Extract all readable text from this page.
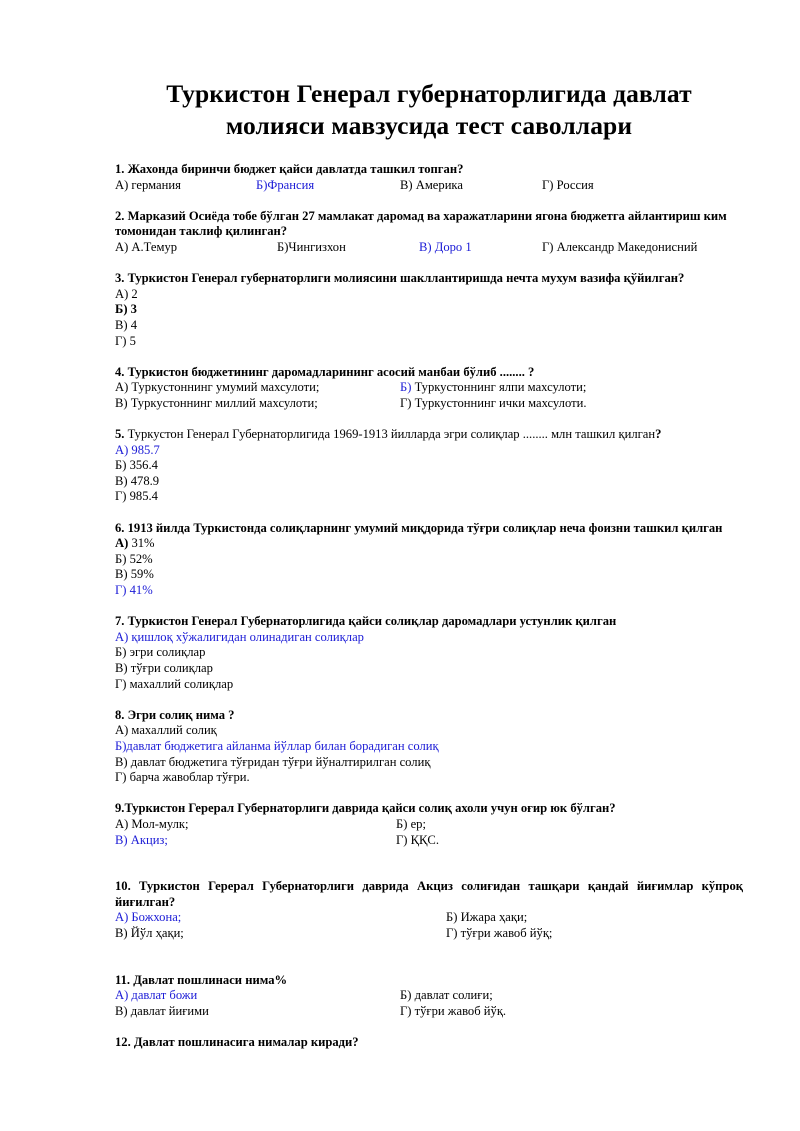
Туркистон Генерал губернаторлигида давлат
молияси мавзусида тест саволлари

1. Жахонда биринчи бюджет қайси давлатда ташкил топган?

А) германия	Б)Франсия	В) Америка	Г) Россия

2. Марказий Осиёда тобе бўлган 27 мамлакат даромад ва харажатларини ягона бюджетга айлантириш ким томонидан таклиф қилинган?

А) А.Темур	Б)Чингизхон	В) Доро 1	Г) Александр Македонисний

3. Туркистон Генерал губернаторлиги молиясини шакллантиришда нечта мухум вазифа қўйилган?

А) 2
Б) 3
В) 4
Г) 5

4. Туркистон бюджетининг даромадларининг асосий манбаи бўлиб ........ ?

А) Туркустоннинг умумий махсулоти;	Б) Туркустоннинг ялпи махсулоти;
В) Туркустоннинг миллий махсулоти;	Г) Туркустоннинг ички махсулоти.

5. Туркустон Генерал Губернаторлигида 1969-1913 йилларда эгри солиқлар ........ млн ташкил қилган?

А) 985.7
Б) 356.4
В) 478.9
Г) 985.4

6. 1913 йилда Туркистонда солиқларнинг умумий миқдорида тўғри солиқлар неча фоизни ташкил қилган

А) 31%
Б) 52%
В) 59%
Г) 41%

7. Туркистон Генерал Губернаторлигида қайси солиқлар даромадлари устунлик қилган

А) қишлоқ хўжалигидан олинадиган солиқлар
Б) эгри солиқлар
В) тўғри солиқлар
Г) махаллий солиқлар

8. Эгри солиқ нима ?

А) махаллий солиқ
Б)давлат бюджетига айланма йўллар билан борадиган солиқ
В) давлат бюджетига тўғридан тўғри йўналтирилган солиқ
Г) барча жавоблар тўғри.

9.Туркистон Герерал Губернаторлиги даврида қайси солиқ ахоли учун оғир юк бўлган?

А) Мол-мулк;	Б) ер;
В) Акциз;	Г) ҚҚС.

10. Туркистон Герерал Губернаторлиги даврида Акциз солиғидан ташқари қандай йиғимлар кўпроқ йиғилган?

А) Божхона;	Б) Ижара ҳақи;
В) Йўл ҳақи;	Г) тўғри жавоб йўқ;

11. Давлат пошлинаси нима%

А) давлат божи	Б) давлат солиғи;
В) давлат йиғими	Г) тўғри жавоб йўқ.

12. Давлат пошлинасига нималар киради?
